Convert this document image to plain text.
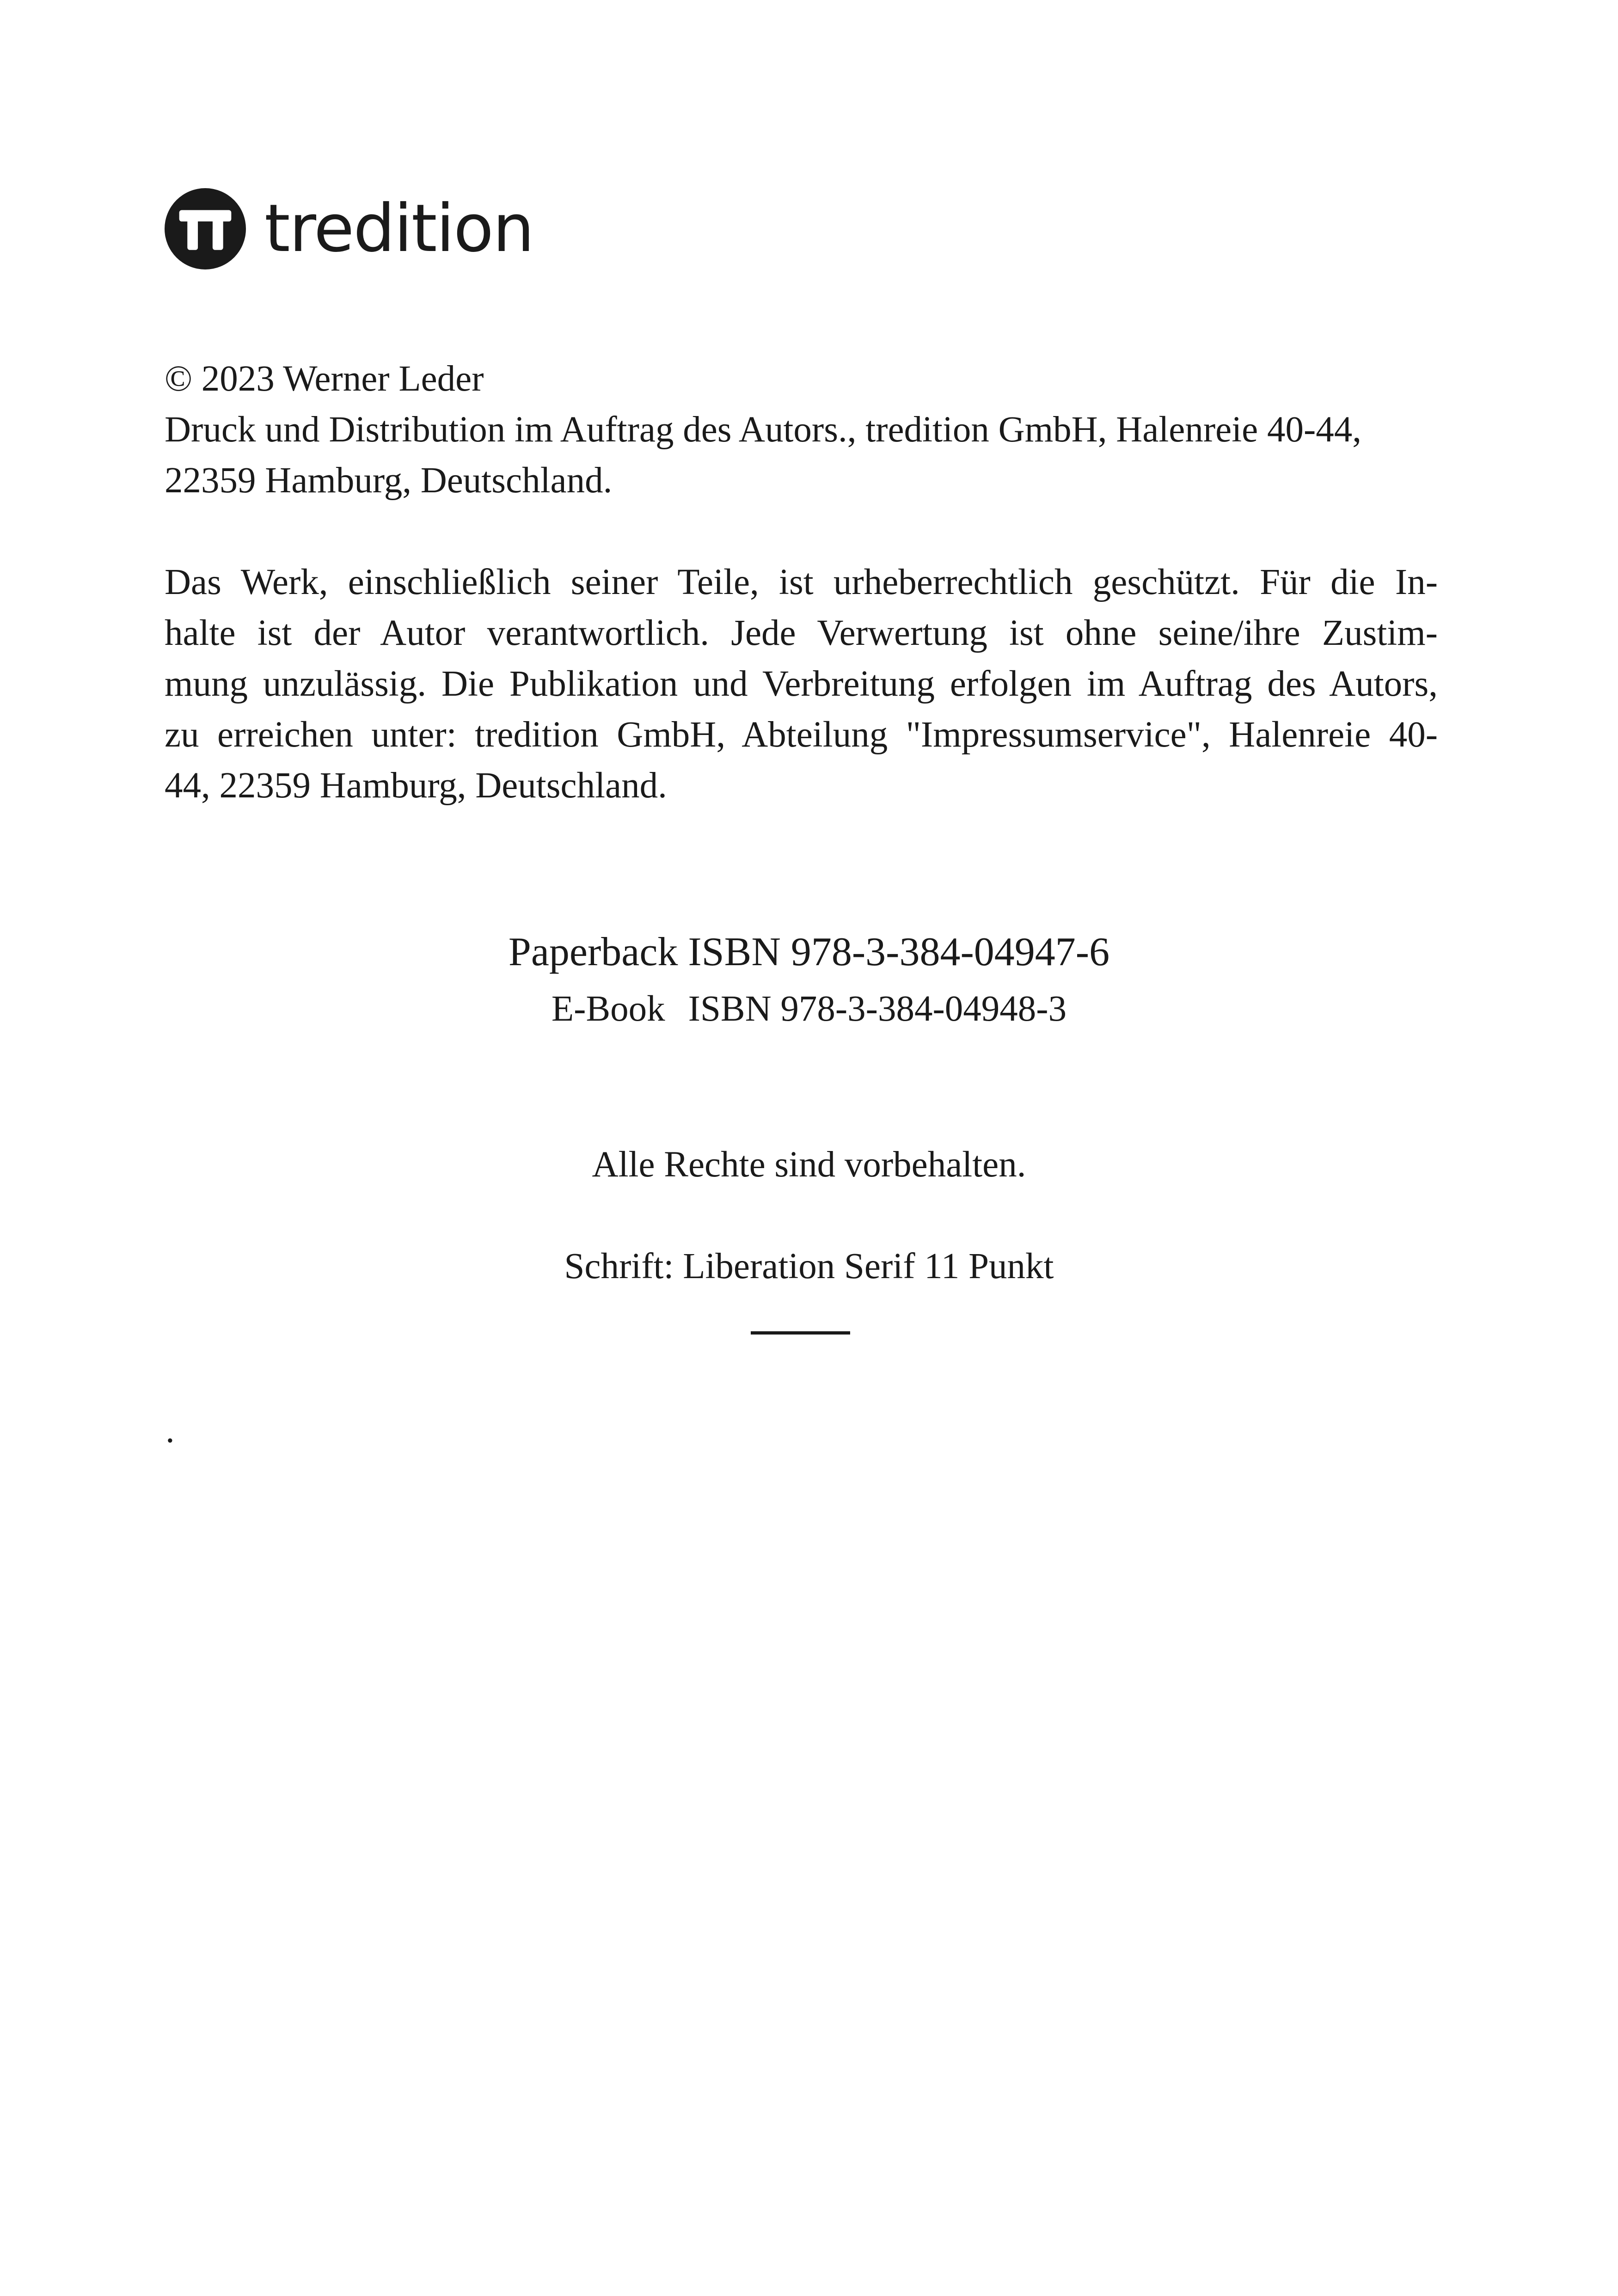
tredition
© 2023 Werner Leder
Druck und Distribution im Auftrag des Autors., tredition GmbH, Halenreie 40-44,
22359 Hamburg, Deutschland.
Das Werk, einschließlich seiner Teile, ist urheberrechtlich geschützt. Für die In-
halte ist der Autor verantwortlich. Jede Verwertung ist ohne seine/ihre Zustim-
mung unzulässig. Die Publikation und Verbreitung erfolgen im Auftrag des Autors,
zu erreichen unter: tredition GmbH, Abteilung "Impressumservice", Halenreie 40-
44, 22359 Hamburg, Deutschland.
Paperback ISBN 978-3-384-04947-6
E-Book ISBN 978-3-384-04948-3
Alle Rechte sind vorbehalten.
Schrift: Liberation Serif 11 Punkt
.
